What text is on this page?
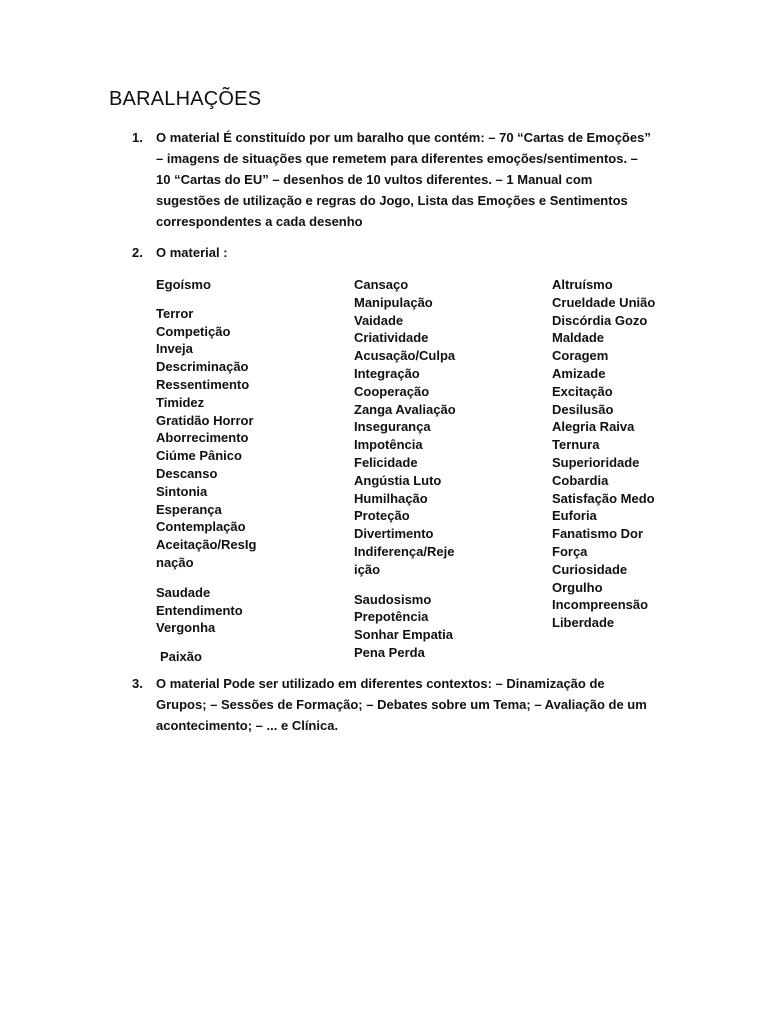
BARALHAÇÕES
1. O material É constituído por um baralho que contém: – 70 “Cartas de Emoções”
– imagens de situações que remetem para diferentes emoções/sentimentos. –
10 “Cartas do EU” – desenhos de 10 vultos diferentes. – 1 Manual com
sugestões de utilização e regras do Jogo, Lista das Emoções e Sentimentos
correspondentes a cada desenho
2. O material :
Egoísmo
Terror
Competição
Inveja
Descriminação
Ressentimento
Timidez
Gratidão Horror
Aborrecimento
Ciúme Pânico
Descanso
Sintonia
Esperança
Contemplação
Aceitação/ResIg
nação
Saudade
Entendimento
Vergonha
Paixão
Cansaço
Manipulação
Vaidade
Criatividade
Acusação/Culpa
Integração
Cooperação
Zanga Avaliação
Insegurança
Impotência
Felicidade
Angústia Luto
Humilhação
Proteção
Divertimento
Indiferença/Reje
ição
Saudosismo
Prepotência
Sonhar Empatia
Pena Perda
Altruísmo
Crueldade União
Discórdia Gozo
Maldade
Coragem
Amizade
Excitação
Desilusão
Alegria Raiva
Ternura
Superioridade
Cobardia
Satisfação Medo
Euforia
Fanatismo Dor
Força
Curiosidade
Orgulho
Incompreensão
Liberdade
3. O material Pode ser utilizado em diferentes contextos: – Dinamização de
Grupos; – Sessões de Formação; – Debates sobre um Tema; – Avaliação de um
acontecimento; – ... e Clínica.
